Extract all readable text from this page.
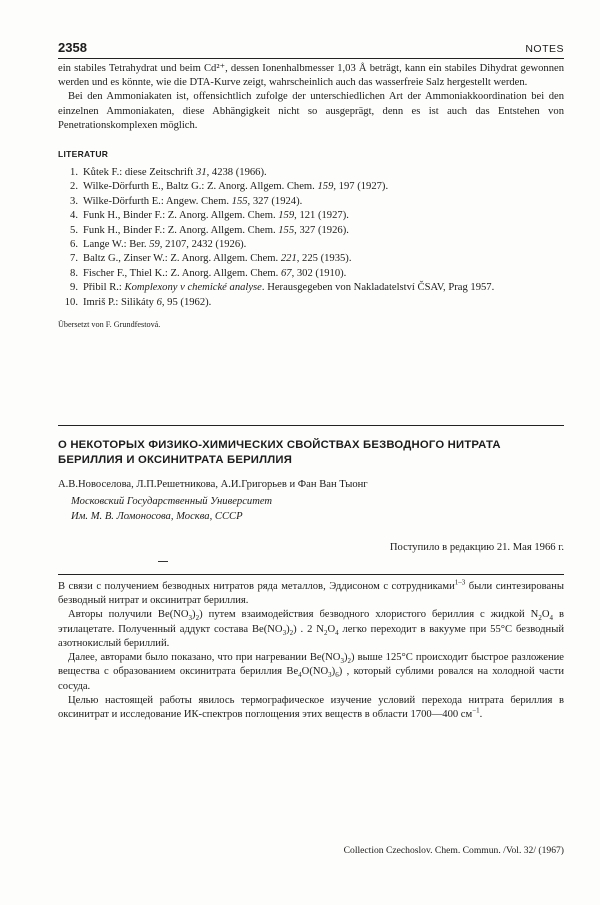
2358	NOTES

ein stabiles Tetrahydrat und beim Cd²⁺, dessen Ionenhalbmesser 1,03 Å beträgt, kann ein stabiles Dihydrat gewonnen werden und es könnte, wie die DTA-Kurve zeigt, wahrscheinlich auch das wasserfreie Salz hergestellt werden.

Bei den Ammoniakaten ist, offensichtlich zufolge der unterschiedlichen Art der Ammoniakkoordination bei den einzelnen Ammoniakaten, diese Abhängigkeit nicht so ausgeprägt, denn es ist auch das Entstehen von Penetrationskomplexen möglich.

LITERATUR
1. Kůtek F.: diese Zeitschrift 31, 4238 (1966).
2. Wilke-Dörfurth E., Baltz G.: Z. Anorg. Allgem. Chem. 159, 197 (1927).
3. Wilke-Dörfurth E.: Angew. Chem. 155, 327 (1924).
4. Funk H., Binder F.: Z. Anorg. Allgem. Chem. 159, 121 (1927).
5. Funk H., Binder F.: Z. Anorg. Allgem. Chem. 155, 327 (1926).
6. Lange W.: Ber. 59, 2107, 2432 (1926).
7. Baltz G., Zinser W.: Z. Anorg. Allgem. Chem. 221, 225 (1935).
8. Fischer F., Thiel K.: Z. Anorg. Allgem. Chem. 67, 302 (1910).
9. Přibil R.: Komplexony v chemické analyse. Herausgegeben von Nakladatelství ČSAV, Prag 1957.
10. Imriš P.: Silikáty 6, 95 (1962).

Übersetzt von F. Grundfestová.

О НЕКОТОРЫХ ФИЗИКО-ХИМИЧЕСКИХ СВОЙСТВАХ БЕЗВОДНОГО НИТРАТА БЕРИЛЛИЯ И ОКСИНИТРАТА БЕРИЛЛИЯ

А.В.Новоселова, Л.П.Решетникова, А.И.Григорьев и Фан Ван Тыонг

Московский Государственный Университет
Им. М. В. Ломоносова, Москва, СССР

Поступило в редакцию 21. Мая 1966 г.

В связи с получением безводных нитратов ряда металлов, Эддисоном с сотрудниками$^{1-3}$ были синтезированы безводный нитрат и оксинитрат бериллия.

Авторы получили $Be(NO_3)_2$) путем взаимодействия безводного хлористого бериллия с жидкой $N_2O_4$ в этилацетате. Полученный аддукт состава $Be(NO_3)_2$) . 2 $N_2O_4$ легко переходит в вакууме при 55°C безводный азотнокислый бериллий.

Далее, авторами было показано, что при нагревании $Be(NO_3)_2$) выше 125°C происходит быстрое разложение вещества с образованием оксинитрата бериллия $Be_4O(NO_3)_6$) , который сублими ровался на холодной части сосуда.

Целью настоящей работы явилось термографическое изучение условий перехода нитрата бериллия в оксинитрат и исследование ИК-спектров поглощения этих веществ в области 1700—400 $см^{-1}$.

Collection Czechoslov. Chem. Commun. /Vol. 32/ (1967)
